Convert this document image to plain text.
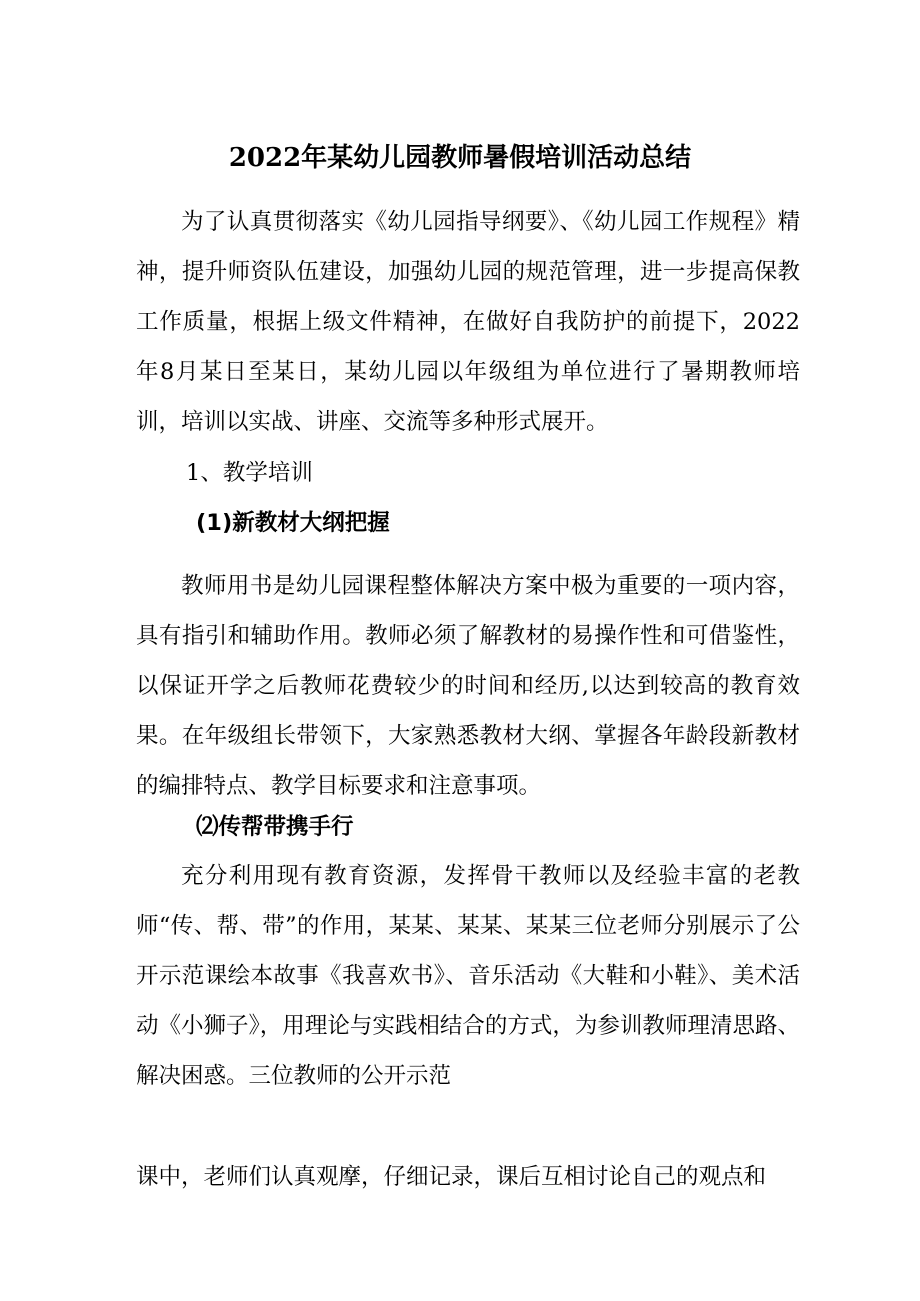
2022年某幼儿园教师暑假培训活动总结

为了认真贯彻落实《幼儿园指导纲要》、《幼儿园工作规程》精神，提升师资队伍建设，加强幼儿园的规范管理，进一步提高保教工作质量，根据上级文件精神，在做好自我防护的前提下，2022年8月某日至某日，某幼儿园以年级组为单位进行了暑期教师培训，培训以实战、讲座、交流等多种形式展开。

1、教学培训
(1)新教材大纲把握

教师用书是幼儿园课程整体解决方案中极为重要的一项内容，具有指引和辅助作用。教师必须了解教材的易操作性和可借鉴性，以保证开学之后教师花费较少的时间和经历,以达到较高的教育效果。在年级组长带领下，大家熟悉教材大纲、掌握各年龄段新教材的编排特点、教学目标要求和注意事项。

⑵传帮带携手行

充分利用现有教育资源，发挥骨干教师以及经验丰富的老教师“传、帮、带”的作用，某某、某某、某某三位老师分别展示了公开示范课绘本故事《我喜欢书》、音乐活动《大鞋和小鞋》、美术活动《小狮子》，用理论与实践相结合的方式，为参训教师理清思路、解决困惑。三位教师的公开示范

课中，老师们认真观摩，仔细记录，课后互相讨论自己的观点和
